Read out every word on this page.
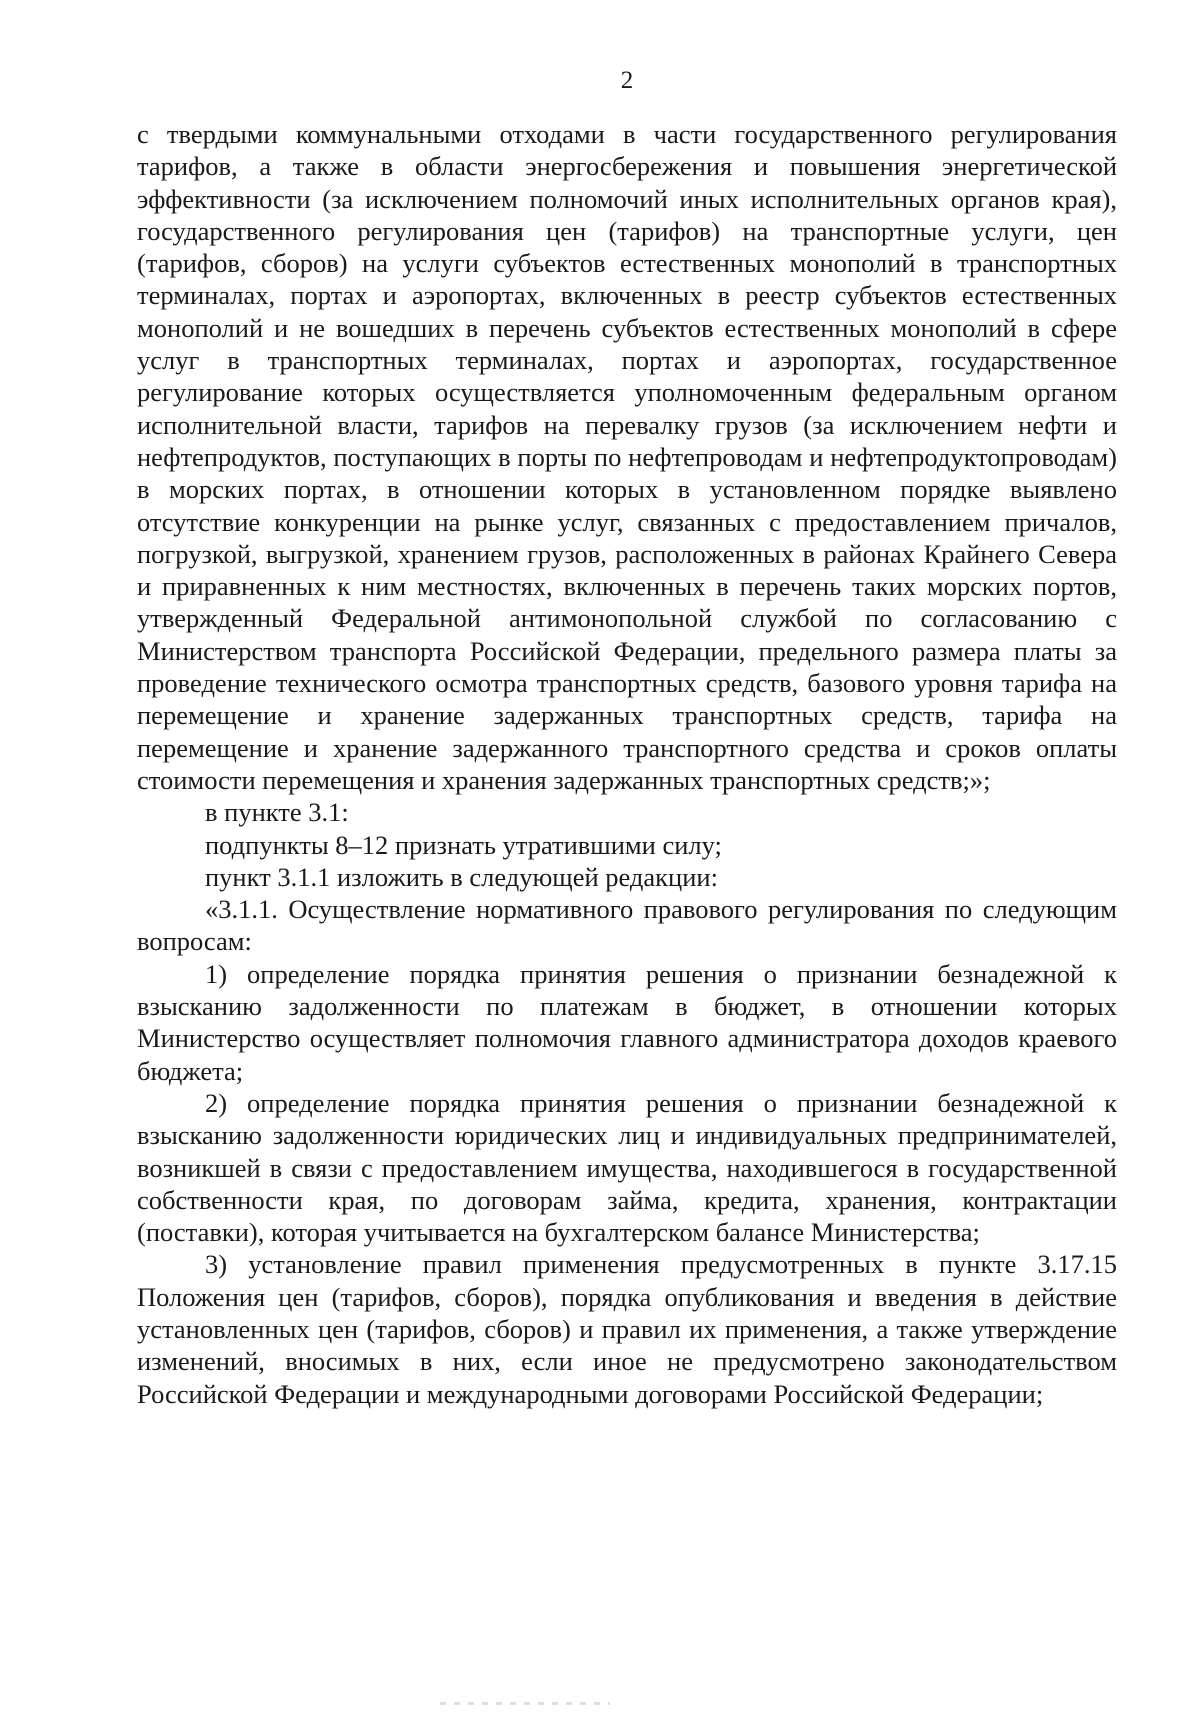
2

с твердыми коммунальными отходами в части государственного регулирования тарифов, а также в области энергосбережения и повышения энергетической эффективности (за исключением полномочий иных исполнительных органов края), государственного регулирования цен (тарифов) на транспортные услуги, цен (тарифов, сборов) на услуги субъектов естественных монополий в транспортных терминалах, портах и аэропортах, включенных в реестр субъектов естественных монополий и не вошедших в перечень субъектов естественных монополий в сфере услуг в транспортных терминалах, портах и аэропортах, государственное регулирование которых осуществляется уполномоченным федеральным органом исполнительной власти, тарифов на перевалку грузов (за исключением нефти и нефтепродуктов, поступающих в порты по нефтепроводам и нефтепродуктопроводам) в морских портах, в отношении которых в установленном порядке выявлено отсутствие конкуренции на рынке услуг, связанных с предоставлением причалов, погрузкой, выгрузкой, хранением грузов, расположенных в районах Крайнего Севера и приравненных к ним местностях, включенных в перечень таких морских портов, утвержденный Федеральной антимонопольной службой по согласованию с Министерством транспорта Российской Федерации, предельного размера платы за проведение технического осмотра транспортных средств, базового уровня тарифа на перемещение и хранение задержанных транспортных средств, тарифа на перемещение и хранение задержанного транспортного средства и сроков оплаты стоимости перемещения и хранения задержанных транспортных средств;»;

в пункте 3.1:

подпункты 8–12 признать утратившими силу;

пункт 3.1.1 изложить в следующей редакции:

«3.1.1. Осуществление нормативного правового регулирования по следующим вопросам:

1) определение порядка принятия решения о признании безнадежной к взысканию задолженности по платежам в бюджет, в отношении которых Министерство осуществляет полномочия главного администратора доходов краевого бюджета;

2) определение порядка принятия решения о признании безнадежной к взысканию задолженности юридических лиц и индивидуальных предпринимателей, возникшей в связи с предоставлением имущества, находившегося в государственной собственности края, по договорам займа, кредита, хранения, контрактации (поставки), которая учитывается на бухгалтерском балансе Министерства;

3) установление правил применения предусмотренных в пункте 3.17.15 Положения цен (тарифов, сборов), порядка опубликования и введения в действие установленных цен (тарифов, сборов) и правил их применения, а также утверждение изменений, вносимых в них, если иное не предусмотрено законодательством Российской Федерации и международными договорами Российской Федерации;
